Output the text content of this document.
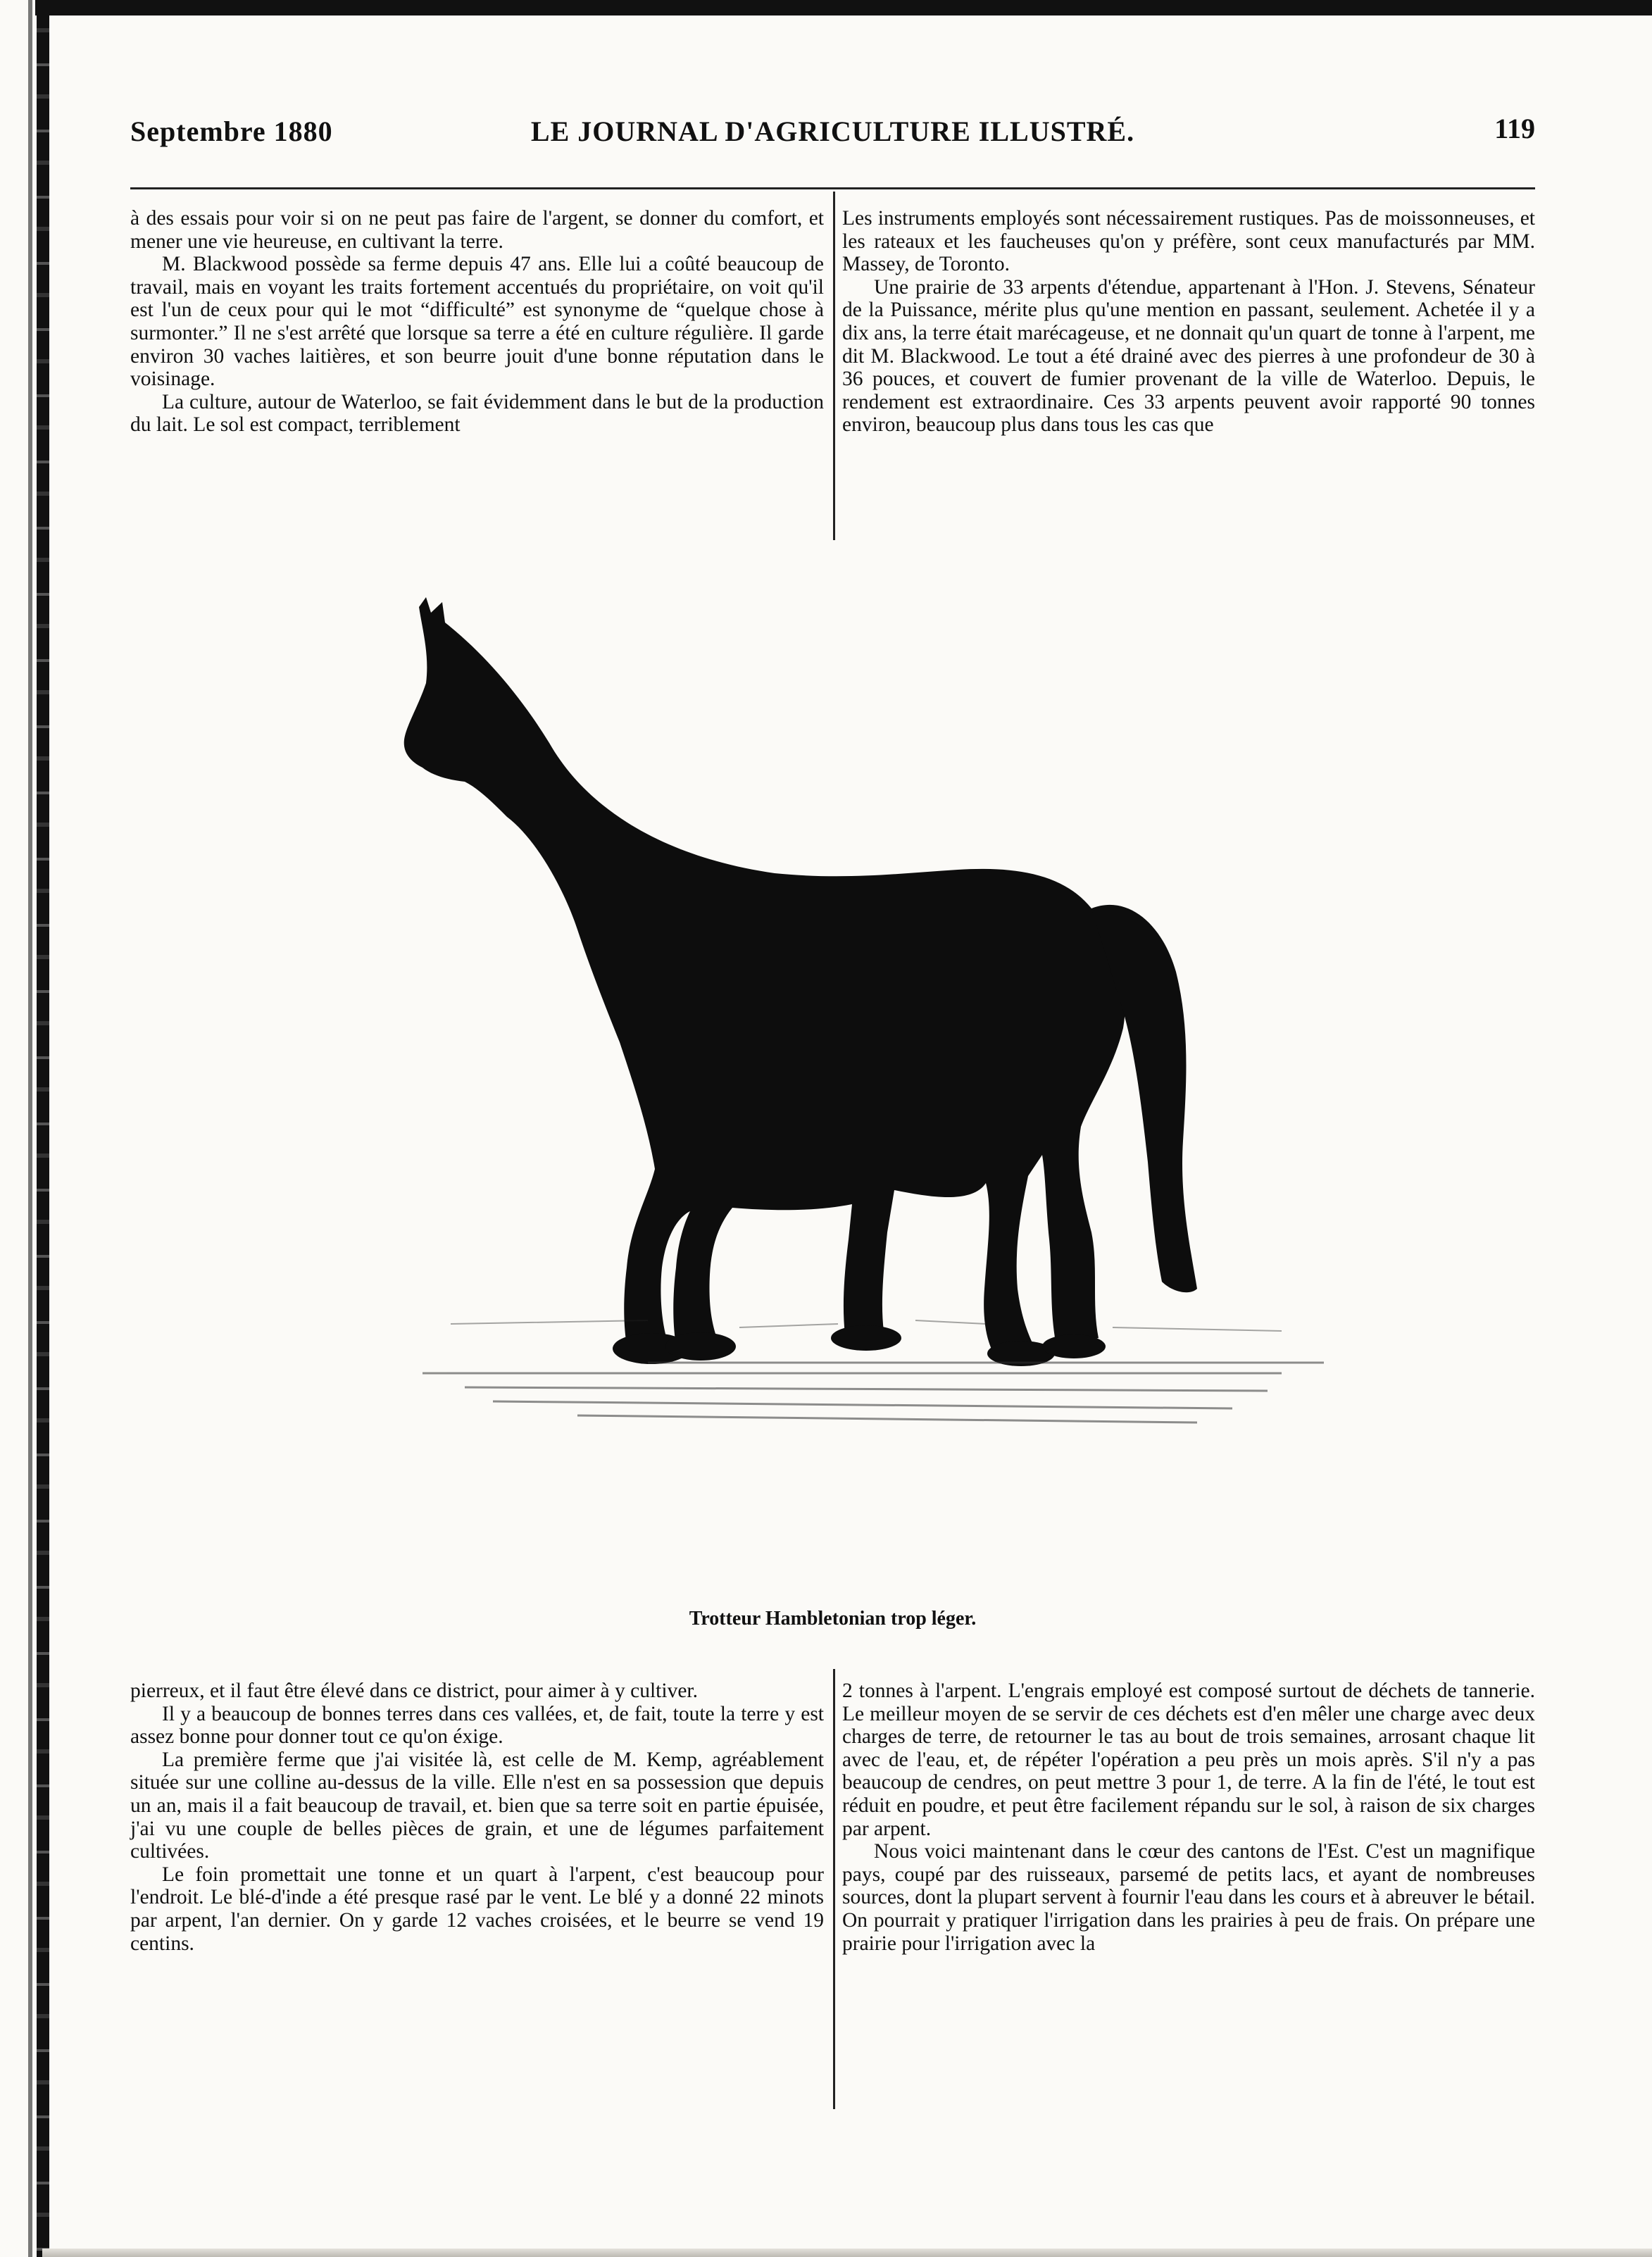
Septembre 1880	LE JOURNAL D'AGRICULTURE ILLUSTRÉ.	119

à des essais pour voir si on ne peut pas faire de l'argent, se donner du comfort, et mener une vie heureuse, en cultivant la terre.

M. Blackwood possède sa ferme depuis 47 ans. Elle lui a coûté beaucoup de travail, mais en voyant les traits fortement accentués du propriétaire, on voit qu'il est l'un de ceux pour qui le mot “difficulté” est synonyme de “quelque chose à surmonter.” Il ne s'est arrêté que lorsque sa terre a été en culture régulière. Il garde environ 30 vaches laitières, et son beurre jouit d'une bonne réputation dans le voisinage.

La culture, autour de Waterloo, se fait évidemment dans le but de la production du lait. Le sol est compact, terriblement

Les instruments employés sont nécessairement rustiques. Pas de moissonneuses, et les rateaux et les faucheuses qu'on y préfère, sont ceux manufacturés par MM. Massey, de Toronto.

Une prairie de 33 arpents d'étendue, appartenant à l'Hon. J. Stevens, Sénateur de la Puissance, mérite plus qu'une mention en passant, seulement. Achetée il y a dix ans, la terre était marécageuse, et ne donnait qu'un quart de tonne à l'arpent, me dit M. Blackwood. Le tout a été drainé avec des pierres à une profondeur de 30 à 36 pouces, et couvert de fumier provenant de la ville de Waterloo. Depuis, le rendement est extraordinaire. Ces 33 arpents peuvent avoir rapporté 90 tonnes environ, beaucoup plus dans tous les cas que

Trotteur Hambletonian trop léger.

pierreux, et il faut être élevé dans ce district, pour aimer à y cultiver.

Il y a beaucoup de bonnes terres dans ces vallées, et, de fait, toute la terre y est assez bonne pour donner tout ce qu'on éxige.

La première ferme que j'ai visitée là, est celle de M. Kemp, agréablement située sur une colline au-dessus de la ville. Elle n'est en sa possession que depuis un an, mais il a fait beaucoup de travail, et. bien que sa terre soit en partie épuisée, j'ai vu une couple de belles pièces de grain, et une de légumes parfaitement cultivées.

Le foin promettait une tonne et un quart à l'arpent, c'est beaucoup pour l'endroit. Le blé-d'inde a été presque rasé par le vent. Le blé y a donné 22 minots par arpent, l'an dernier. On y garde 12 vaches croisées, et le beurre se vend 19 centins.

2 tonnes à l'arpent. L'engrais employé est composé surtout de déchets de tannerie. Le meilleur moyen de se servir de ces déchets est d'en mêler une charge avec deux charges de terre, de retourner le tas au bout de trois semaines, arrosant chaque lit avec de l'eau, et, de répéter l'opération a peu près un mois après. S'il n'y a pas beaucoup de cendres, on peut mettre 3 pour 1, de terre. A la fin de l'été, le tout est réduit en poudre, et peut être facilement répandu sur le sol, à raison de six charges par arpent.

Nous voici maintenant dans le cœur des cantons de l'Est. C'est un magnifique pays, coupé par des ruisseaux, parsemé de petits lacs, et ayant de nombreuses sources, dont la plupart servent à fournir l'eau dans les cours et à abreuver le bétail. On pourrait y pratiquer l'irrigation dans les prairies à peu de frais. On prépare une prairie pour l'irrigation avec la
